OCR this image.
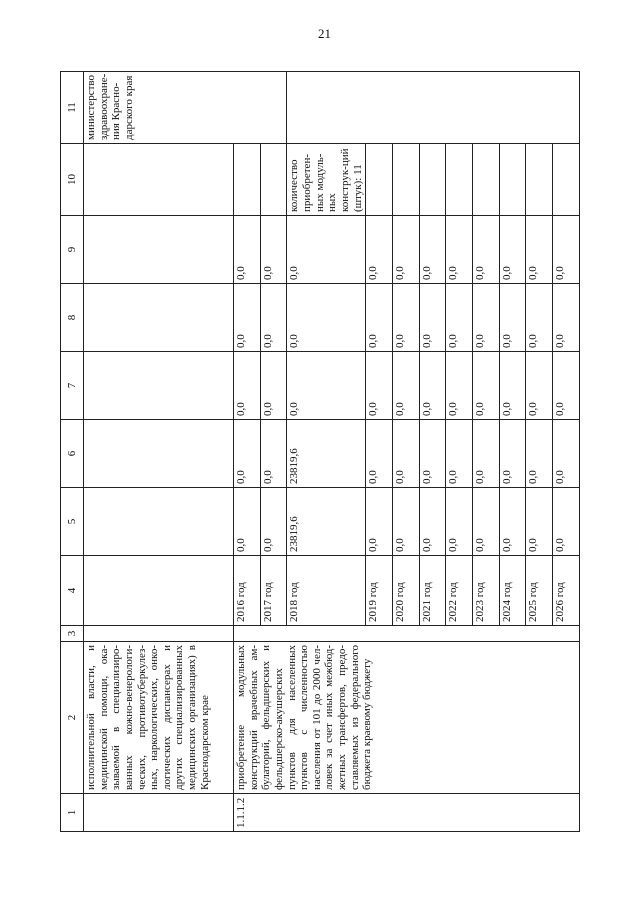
21
1	2	3	4	5	6	7	8	9	10	11
	исполнительной власти, и медицинской помощи, ока-зываемой в специализиро-ванных кожно-венерологи-ческих, противотуберкулез-ных, наркологических, онко-логических диспансерах и других специализированных медицинских организациях) в Краснодарском крае									министерство здравоохране-ния Красно-дарского края
1.1.1.2	приобретение модульных конструкций врачебных ам-булаторий, фельдшерских и фельдшерско-акушерских пунктов для населенных пунктов с численностью населения от 101 до 2000 чел-ловек за счет иных межбюд-жетных трансфертов, предо-ставляемых из федерального бюджета краевому бюджету		2016 год	0,0	0,0	0,0	0,0	0,0		
			2017 год	0,0	0,0	0,0	0,0	0,0		
			2018 год	23819,6	23819,6	0,0	0,0	0,0	количество приобретен-ных модуль-ных конструк-ций (штук): 11	

			2019 год	0,0	0,0	0,0	0,0	0,0		
			2020 год	0,0	0,0	0,0	0,0	0,0		
			2021 год	0,0	0,0	0,0	0,0	0,0		
			2022 год	0,0	0,0	0,0	0,0	0,0		
			2023 год	0,0	0,0	0,0	0,0	0,0		
			2024 год	0,0	0,0	0,0	0,0	0,0		
			2025 год	0,0	0,0	0,0	0,0	0,0		
			2026 год	0,0	0,0	0,0	0,0	0,0		
